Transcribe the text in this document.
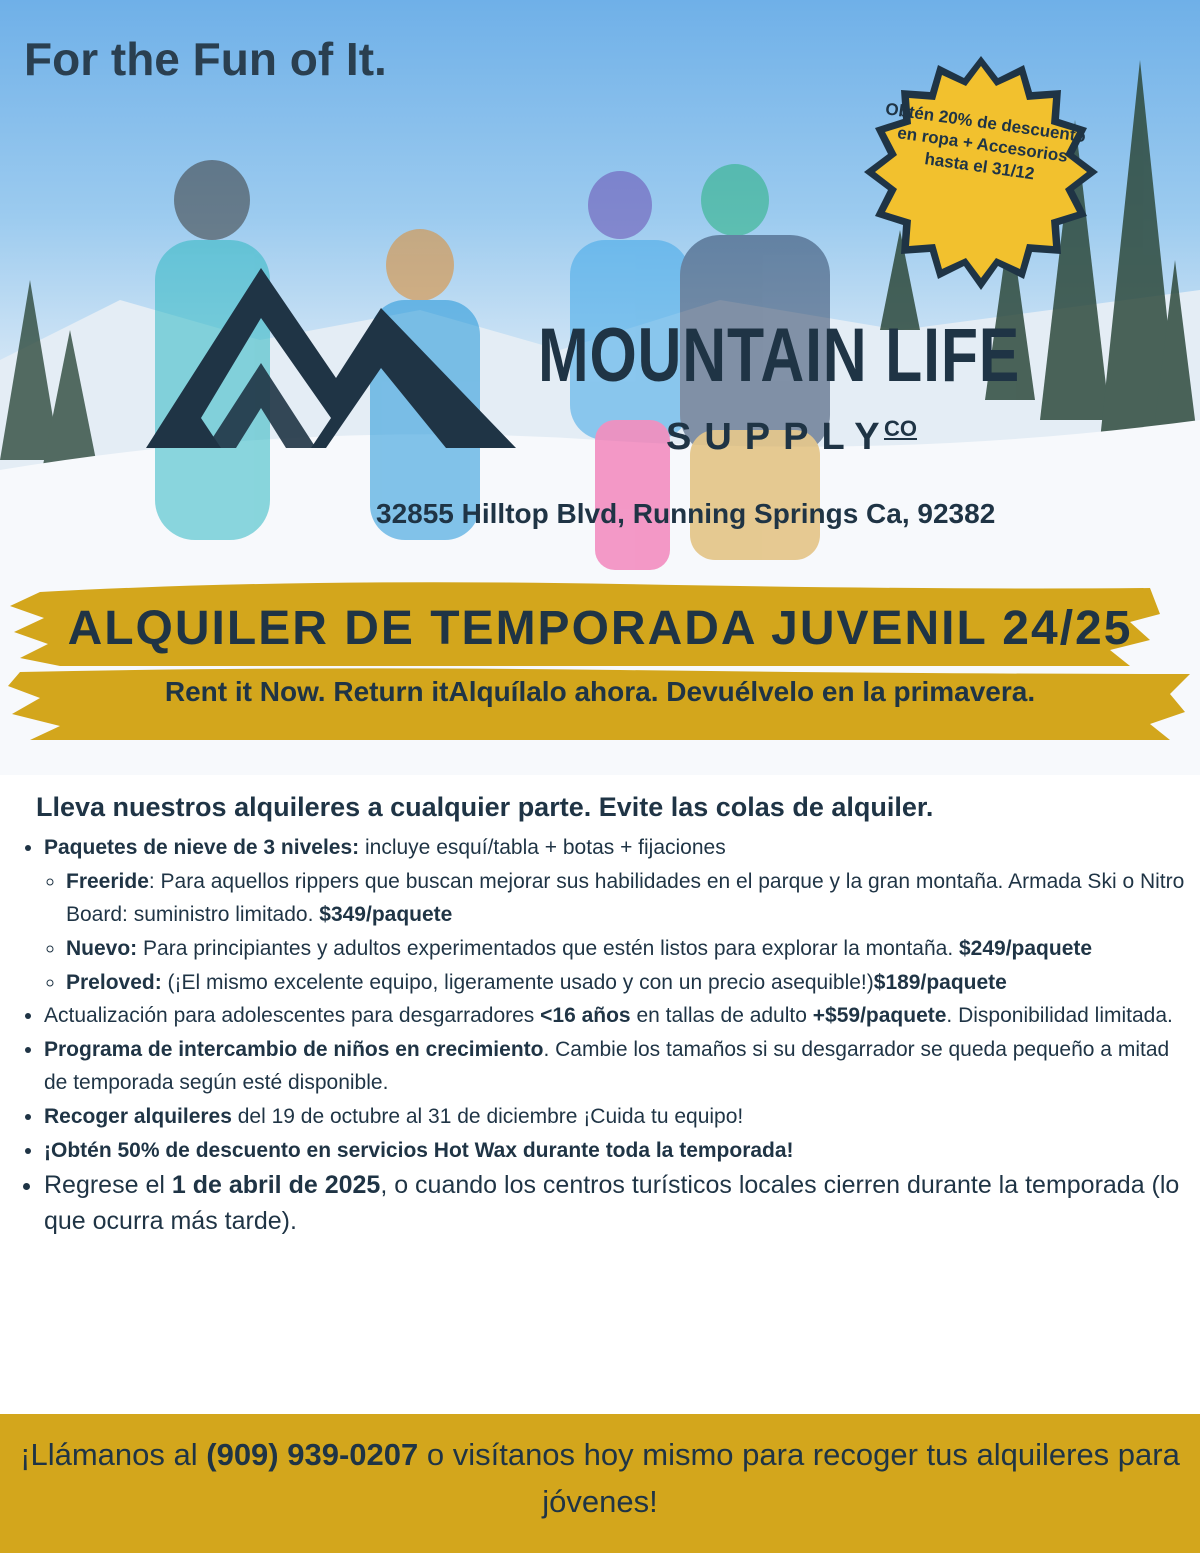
For the Fun of It.
Obtén 20% de descuento en ropa + Accesorios hasta el 31/12
MOUNTAIN LIFE
SUPPLY
CO
32855 Hilltop Blvd, Running Springs Ca, 92382
ALQUILER DE TEMPORADA JUVENIL 24/25
Rent it Now. Return itAlquílalo ahora. Devuélvelo en la primavera.
Lleva nuestros alquileres a cualquier parte. Evite las colas de alquiler.
• Paquetes de nieve de 3 niveles: incluye esquí/tabla + botas + fijaciones
◦ Freeride: Para aquellos rippers que buscan mejorar sus habilidades en el parque y la gran montaña. Armada Ski o Nitro Board: suministro limitado. $349/paquete
◦ Nuevo: Para principiantes y adultos experimentados que estén listos para explorar la montaña. $249/paquete
◦ Preloved: (¡El mismo excelente equipo, ligeramente usado y con un precio asequible!)$189/paquete
• Actualización para adolescentes para desgarradores <16 años en tallas de adulto +$59/paquete. Disponibilidad limitada.
• Programa de intercambio de niños en crecimiento. Cambie los tamaños si su desgarrador se queda pequeño a mitad de temporada según esté disponible.
• Recoger alquileres del 19 de octubre al 31 de diciembre ¡Cuida tu equipo!
• ¡Obtén 50% de descuento en servicios Hot Wax durante toda la temporada!
• Regrese el 1 de abril de 2025, o cuando los centros turísticos locales cierren durante la temporada (lo que ocurra más tarde).
¡Llámanos al (909) 939-0207 o visítanos hoy mismo para recoger tus alquileres para jóvenes!
